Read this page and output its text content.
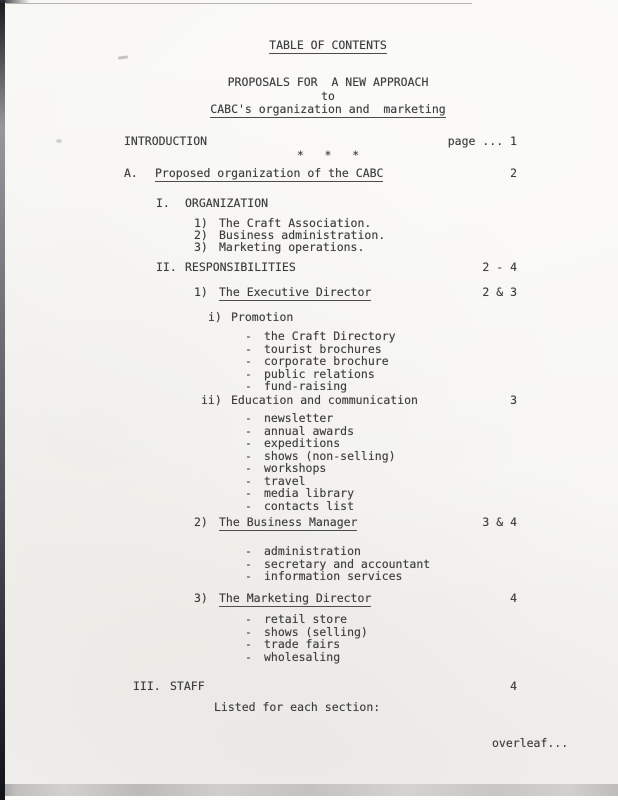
TABLE OF CONTENTS
PROPOSALS FOR  A NEW APPROACH
to
CABC's organization and  marketing
INTRODUCTION	page ... 1
*   *   *
A. Proposed organization of the CABC	2
I. ORGANIZATION
1) The Craft Association.
2) Business administration.
3) Marketing operations.
II. RESPONSIBILITIES	2 - 4
1) The Executive Director	2 & 3
i) Promotion
- the Craft Directory
- tourist brochures
- corporate brochure
- public relations
- fund-raising
ii) Education and communication	3
- newsletter
- annual awards
- expeditions
- shows (non-selling)
- workshops
- travel
- media library
- contacts list
2) The Business Manager	3 & 4
- administration
- secretary and accountant
- information services
3) The Marketing Director	4
- retail store
- shows (selling)
- trade fairs
- wholesaling
III. STAFF	4
Listed for each section:
overleaf...
